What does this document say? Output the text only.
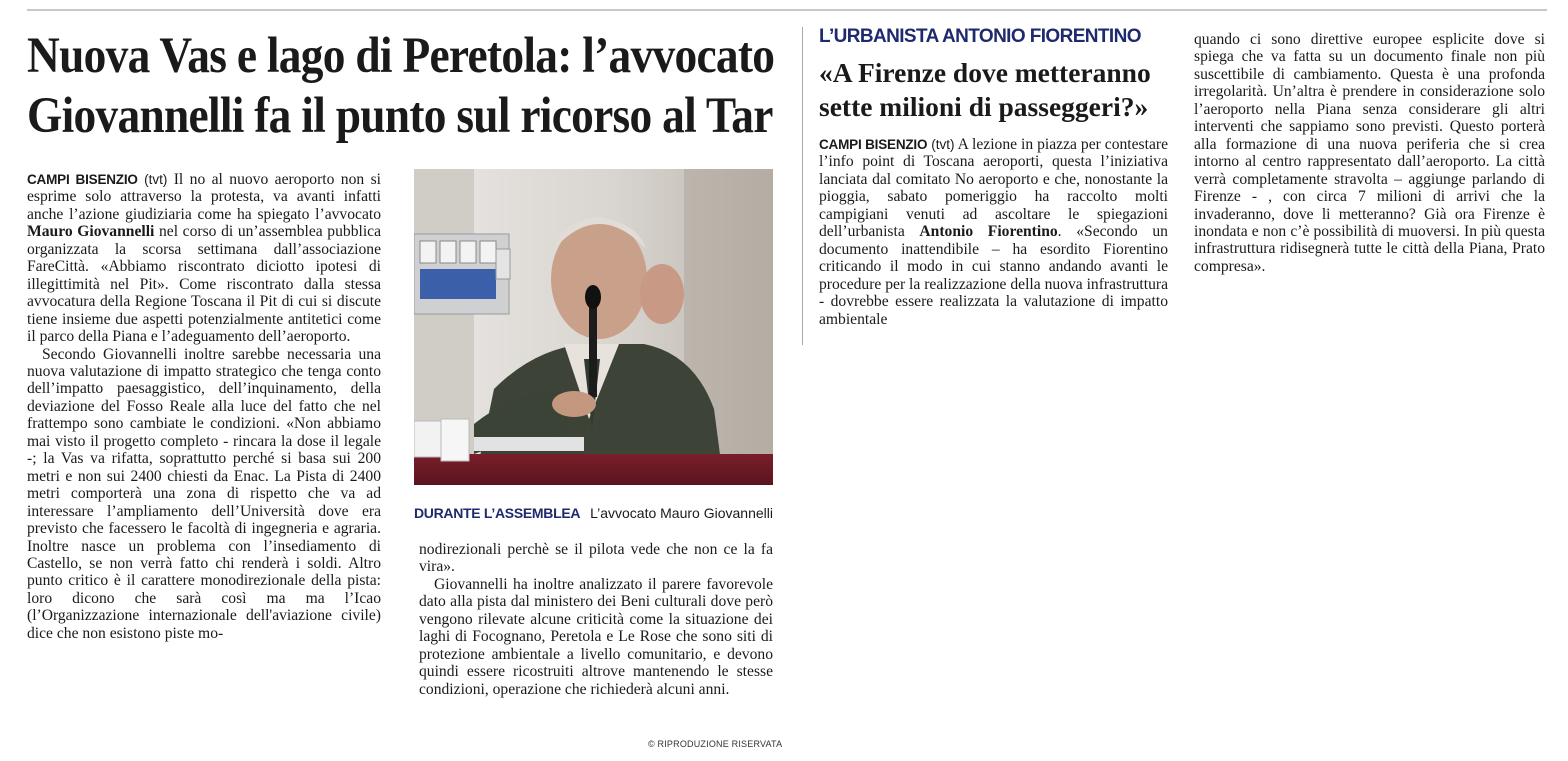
Nuova Vas e lago di Peretola: l’avvocato
Giovannelli fa il punto sul ricorso al Tar

CAMPI BISENZIO (tvt) Il no al nuovo aeroporto non si esprime solo attraverso la protesta, va avanti infatti anche l’azione giudiziaria come ha spiegato l’avvocato Mauro Giovannelli nel corso di un’assemblea pubblica organizzata la scorsa settimana dall’associazione FareCittà. «Abbiamo riscontrato diciotto ipotesi di illegittimità nel Pit». Come riscontrato dalla stessa avvocatura della Regione Toscana il Pit di cui si discute tiene insieme due aspetti potenzialmente antitetici come il parco della Piana e l’adeguamento dell’aeroporto.

Secondo Giovannelli inoltre sarebbe necessaria una nuova valutazione di impatto strategico che tenga conto dell’impatto paesaggistico, dell’inquinamento, della deviazione del Fosso Reale alla luce del fatto che nel frattempo sono cambiate le condizioni. «Non abbiamo mai visto il progetto completo - rincara la dose il legale -; la Vas va rifatta, soprattutto perché si basa sui 200 metri e non sui 2400 chiesti da Enac. La Pista di 2400 metri comporterà una zona di rispetto che va ad interessare l’ampliamento dell’Università dove era previsto che facessero le facoltà di ingegneria e agraria. Inoltre nasce un problema con l’insediamento di Castello, se non verrà fatto chi renderà i soldi. Altro punto critico è il carattere monodirezionale della pista: loro dicono che sarà così ma ma l’Icao (l’Organizzazione internazionale dell'aviazione civile) dice che non esistono piste mo-

DURANTE L’ASSEMBLEA L’avvocato Mauro Giovannelli

nodirezionali perchè se il pilota vede che non ce la fa vira».

Giovannelli ha inoltre analizzato il parere favorevole dato alla pista dal ministero dei Beni culturali dove però vengono rilevate alcune criticità come la situazione dei laghi di Focognano, Peretola e Le Rose che sono siti di protezione ambientale a livello comunitario, e devono quindi essere ricostruiti altrove mantenendo le stesse condizioni, operazione che richiederà alcuni anni.

© RIPRODUZIONE RISERVATA
L’URBANISTA ANTONIO FIORENTINO
«A Firenze dove metteranno sette milioni di passeggeri?»

CAMPI BISENZIO (tvt) A lezione in piazza per contestare l’info point di Toscana aeroporti, questa l’iniziativa lanciata dal comitato No aeroporto e che, nonostante la pioggia, sabato pomeriggio ha raccolto molti campigiani venuti ad ascoltare le spiegazioni dell’urbanista Antonio Fiorentino. «Secondo un documento inattendibile – ha esordito Fiorentino criticando il modo in cui stanno andando avanti le procedure per la realizzazione della nuova infrastruttura - dovrebbe essere realizzata la valutazione di impatto ambientale

quando ci sono direttive europee esplicite dove si spiega che va fatta su un documento finale non più suscettibile di cambiamento. Questa è una profonda irregolarità. Un’altra è prendere in considerazione solo l’aeroporto nella Piana senza considerare gli altri interventi che sappiamo sono previsti. Questo porterà alla formazione di una nuova periferia che si crea intorno al centro rappresentato dall’aeroporto. La città verrà completamente stravolta – aggiunge parlando di Firenze - , con circa 7 milioni di arrivi che la invaderanno, dove li metteranno? Già ora Firenze è inondata e non c’è possibilità di muoversi. In più questa infrastruttura ridisegnerà tutte le città della Piana, Prato compresa».
